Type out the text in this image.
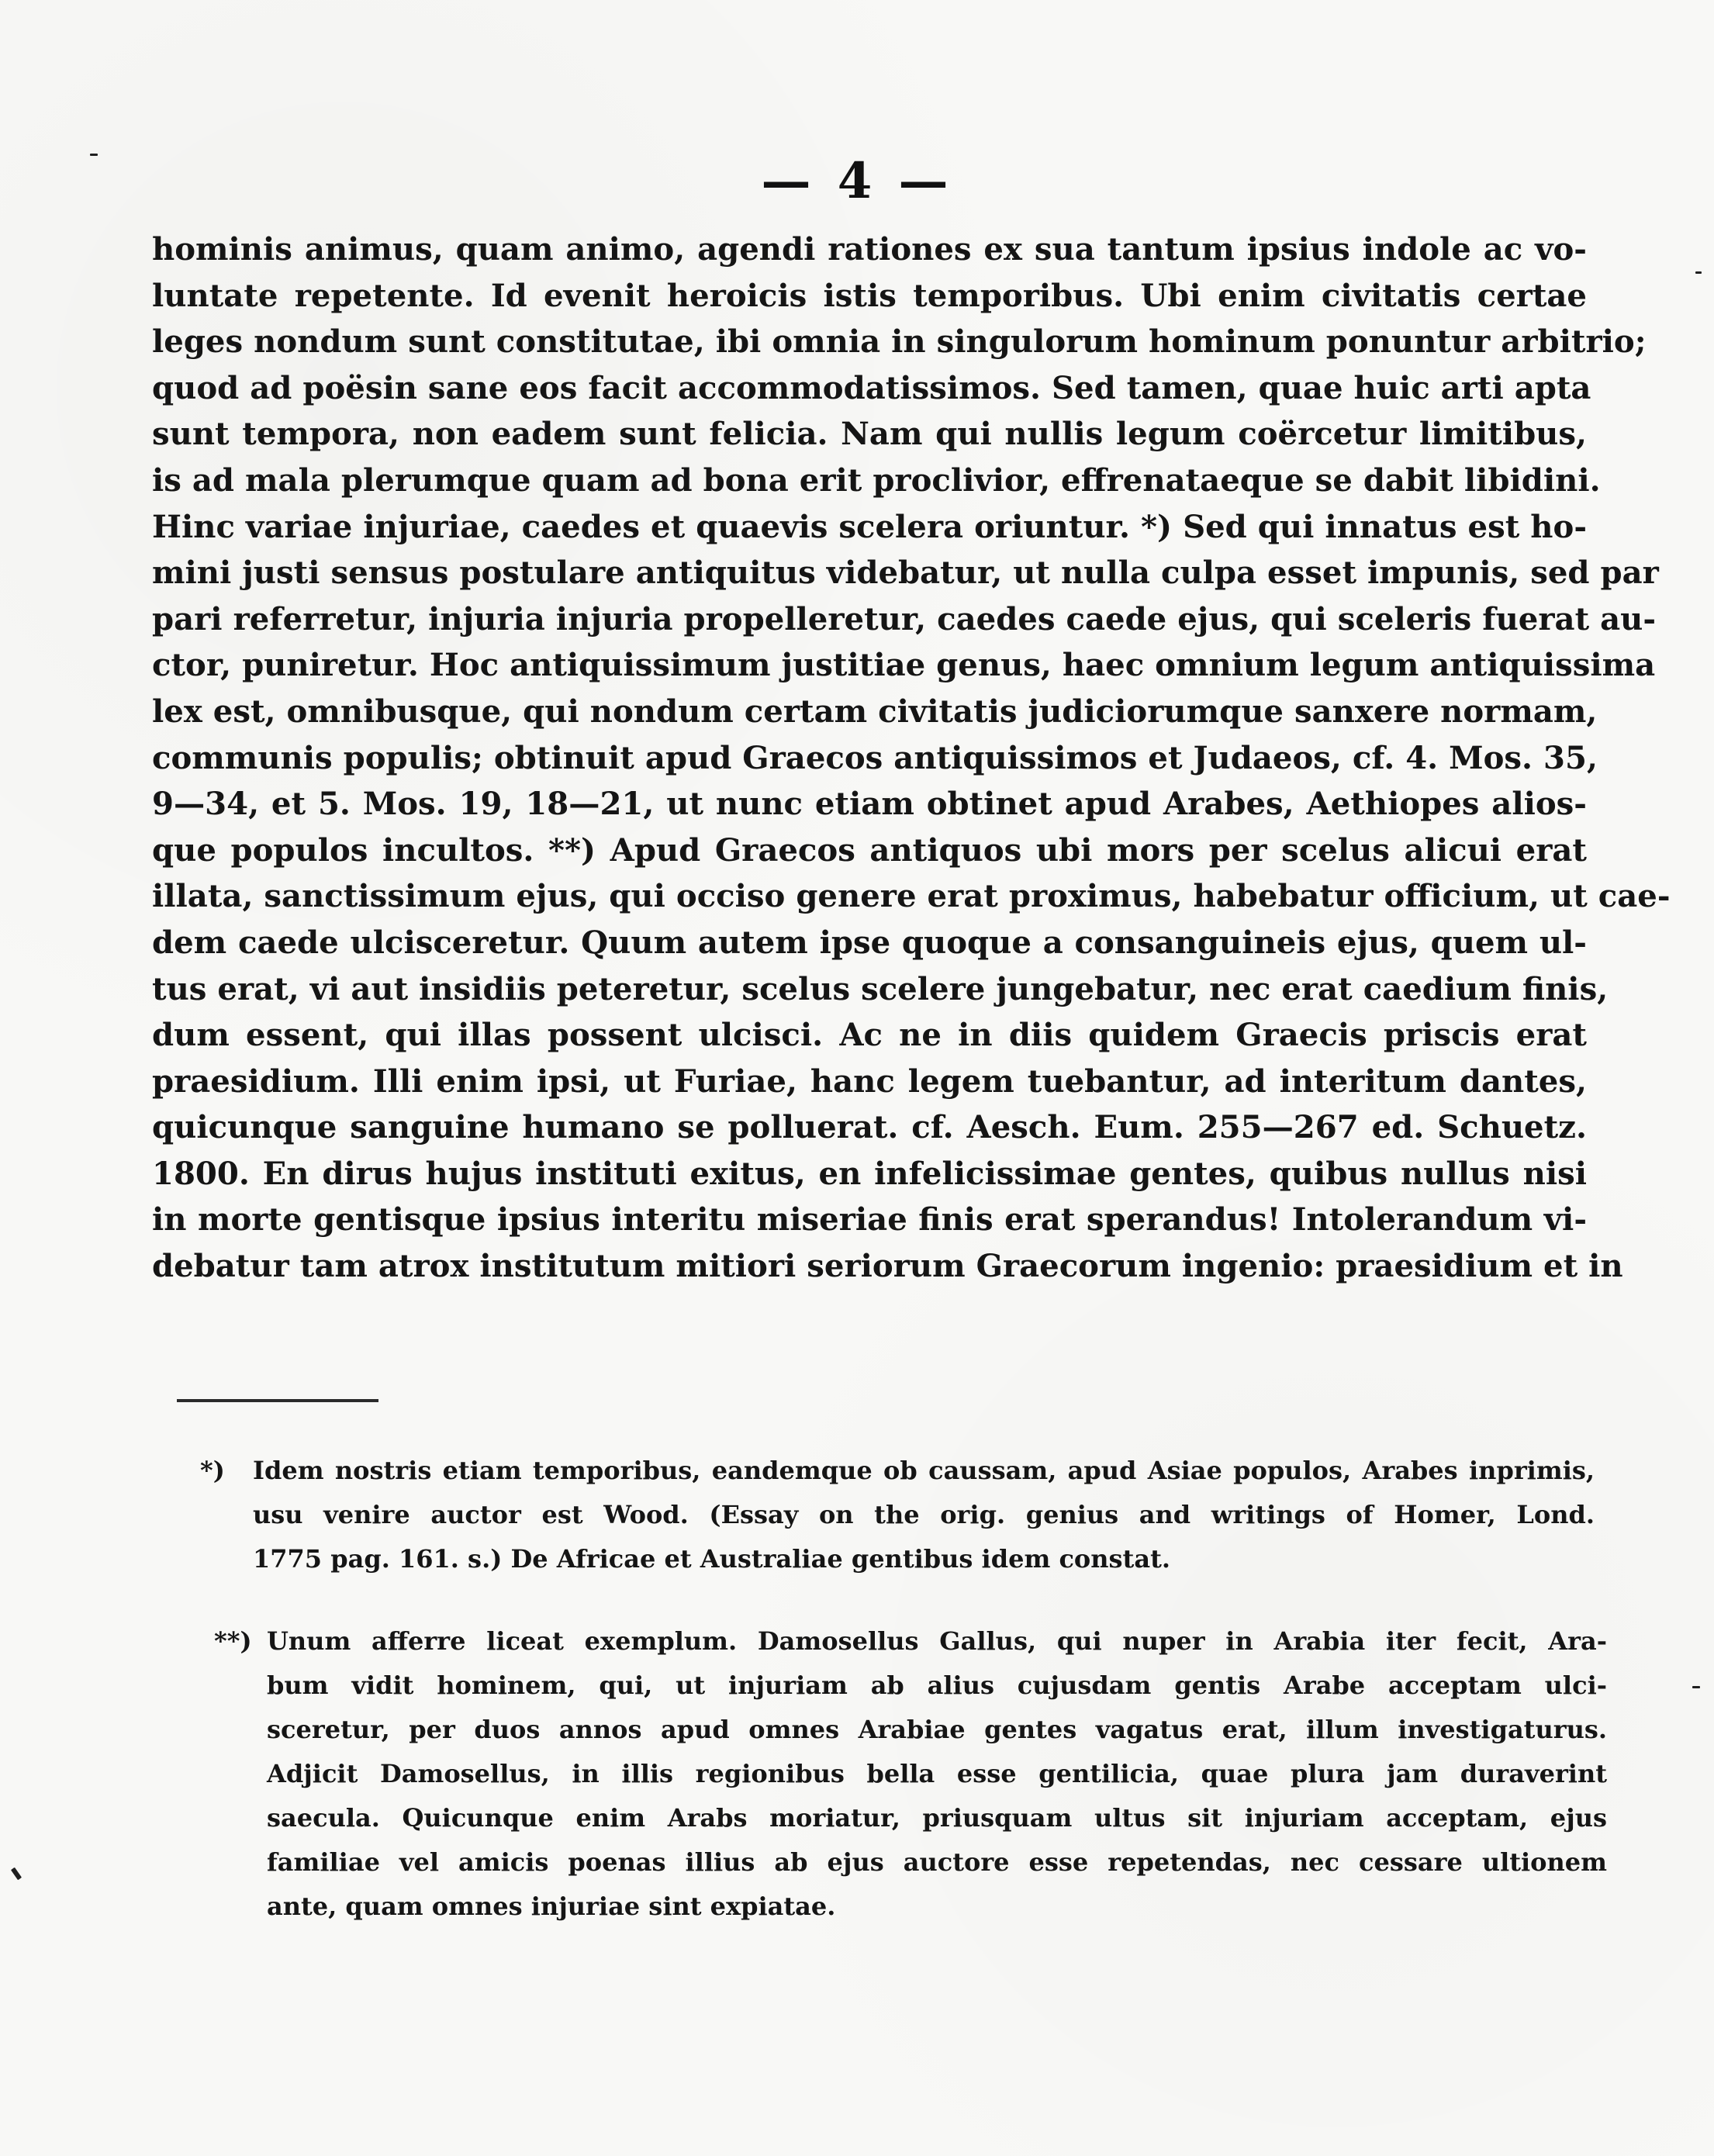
— 4 —
hominis animus, quam animo, agendi rationes ex sua tantum ipsius indole ac vo-
luntate repetente. Id evenit heroicis istis temporibus. Ubi enim civitatis certae
leges nondum sunt constitutae, ibi omnia in singulorum hominum ponuntur arbitrio;
quod ad poësin sane eos facit accommodatissimos. Sed tamen, quae huic arti apta
sunt tempora, non eadem sunt felicia. Nam qui nullis legum coërcetur limitibus,
is ad mala plerumque quam ad bona erit proclivior, effrenataeque se dabit libidini.
Hinc variae injuriae, caedes et quaevis scelera oriuntur. *) Sed qui innatus est ho-
mini justi sensus postulare antiquitus videbatur, ut nulla culpa esset impunis, sed par
pari referretur, injuria injuria propelleretur, caedes caede ejus, qui sceleris fuerat au-
ctor, puniretur. Hoc antiquissimum justitiae genus, haec omnium legum antiquissima
lex est, omnibusque, qui nondum certam civitatis judiciorumque sanxere normam,
communis populis; obtinuit apud Graecos antiquissimos et Judaeos, cf. 4. Mos. 35,
9—34, et 5. Mos. 19, 18—21, ut nunc etiam obtinet apud Arabes, Aethiopes alios-
que populos incultos. **) Apud Graecos antiquos ubi mors per scelus alicui erat
illata, sanctissimum ejus, qui occiso genere erat proximus, habebatur officium, ut cae-
dem caede ulcisceretur. Quum autem ipse quoque a consanguineis ejus, quem ul-
tus erat, vi aut insidiis peteretur, scelus scelere jungebatur, nec erat caedium finis,
dum essent, qui illas possent ulcisci. Ac ne in diis quidem Graecis priscis erat
praesidium. Illi enim ipsi, ut Furiae, hanc legem tuebantur, ad interitum dantes,
quicunque sanguine humano se polluerat. cf. Aesch. Eum. 255—267 ed. Schuetz.
1800. En dirus hujus instituti exitus, en infelicissimae gentes, quibus nullus nisi
in morte gentisque ipsius interitu miseriae finis erat sperandus! Intolerandum vi-
debatur tam atrox institutum mitiori seriorum Graecorum ingenio: praesidium et in
*) Idem nostris etiam temporibus, eandemque ob caussam, apud Asiae populos, Arabes inprimis,
usu venire auctor est Wood. (Essay on the orig. genius and writings of Homer, Lond.
1775 pag. 161. s.) De Africae et Australiae gentibus idem constat.
**) Unum afferre liceat exemplum. Damosellus Gallus, qui nuper in Arabia iter fecit, Ara-
bum vidit hominem, qui, ut injuriam ab alius cujusdam gentis Arabe acceptam ulci-
sceretur, per duos annos apud omnes Arabiae gentes vagatus erat, illum investigaturus.
Adjicit Damosellus, in illis regionibus bella esse gentilicia, quae plura jam duraverint
saecula. Quicunque enim Arabs moriatur, priusquam ultus sit injuriam acceptam, ejus
familiae vel amicis poenas illius ab ejus auctore esse repetendas, nec cessare ultionem
ante, quam omnes injuriae sint expiatae.
